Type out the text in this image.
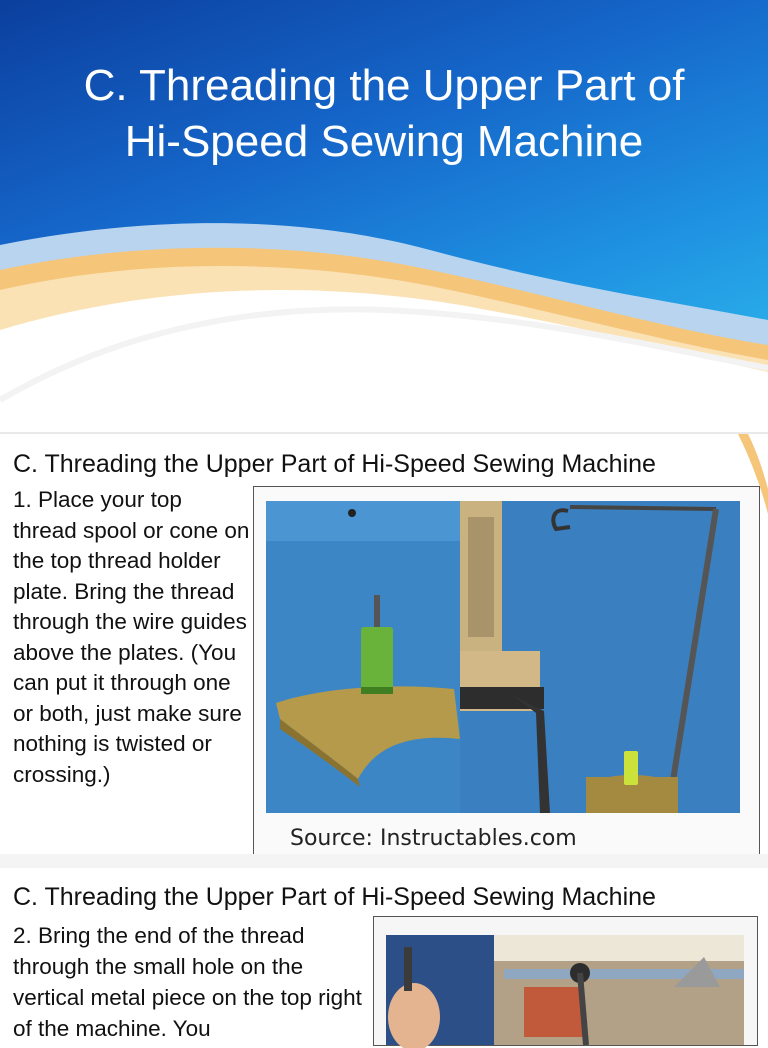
C. Threading the Upper Part of
Hi-Speed Sewing Machine
C. Threading the Upper Part of Hi-Speed Sewing Machine

1. Place your top thread spool or cone on the top thread holder plate. Bring the thread through the wire guides above the plates. (You can put it through one or both, just make sure nothing is twisted or crossing.)

Source: Instructables.com
C. Threading the Upper Part of Hi-Speed Sewing Machine

2. Bring the end of the thread through the small hole on the vertical metal piece on the top right of the machine. You
